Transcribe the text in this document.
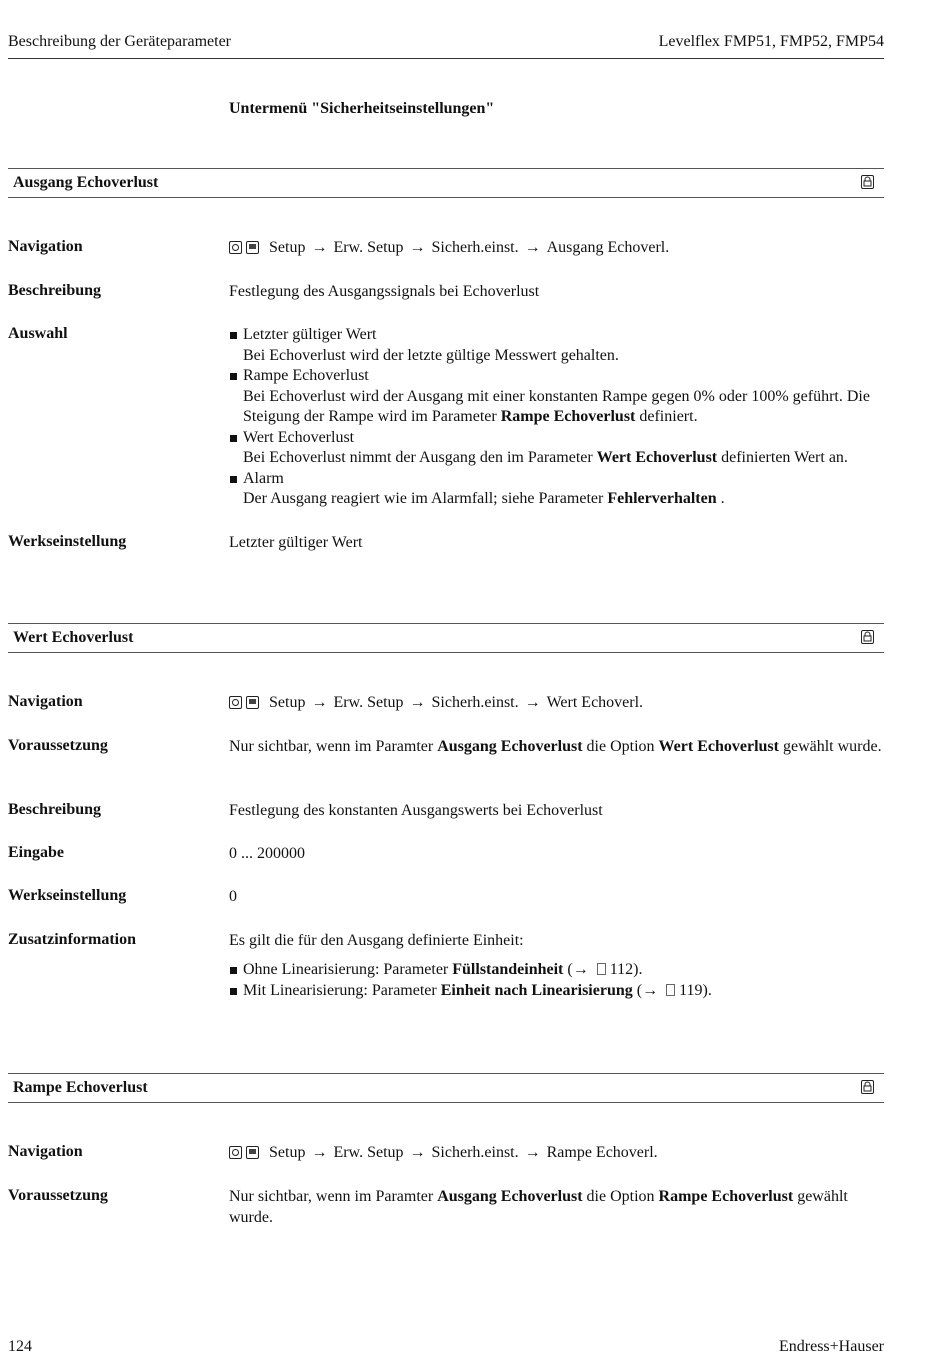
Beschreibung der Geräteparameter	Levelflex FMP51, FMP52, FMP54
Untermenü "Sicherheitseinstellungen"
Ausgang Echoverlust
Navigation	Setup → Erw. Setup → Sicherh.einst. → Ausgang Echoverl.
Beschreibung	Festlegung des Ausgangssignals bei Echoverlust
Auswahl	Letzter gültiger Wert
Bei Echoverlust wird der letzte gültige Messwert gehalten.
Rampe Echoverlust
Bei Echoverlust wird der Ausgang mit einer konstanten Rampe gegen 0% oder 100% geführt. Die Steigung der Rampe wird im Parameter Rampe Echoverlust definiert.
Wert Echoverlust
Bei Echoverlust nimmt der Ausgang den im Parameter Wert Echoverlust definierten Wert an.
Alarm
Der Ausgang reagiert wie im Alarmfall; siehe Parameter Fehlerverhalten .
Werkseinstellung	Letzter gültiger Wert
Wert Echoverlust
Navigation	Setup → Erw. Setup → Sicherh.einst. → Wert Echoverl.
Voraussetzung	Nur sichtbar, wenn im Paramter Ausgang Echoverlust die Option Wert Echoverlust gewählt wurde.
Beschreibung	Festlegung des konstanten Ausgangswerts bei Echoverlust
Eingabe	0 ... 200000
Werkseinstellung	0
Zusatzinformation	Es gilt die für den Ausgang definierte Einheit:
Ohne Linearisierung: Parameter Füllstandeinheit (→ 112).
Mit Linearisierung: Parameter Einheit nach Linearisierung (→ 119).
Rampe Echoverlust
Navigation	Setup → Erw. Setup → Sicherh.einst. → Rampe Echoverl.
Voraussetzung	Nur sichtbar, wenn im Paramter Ausgang Echoverlust die Option Rampe Echoverlust gewählt wurde.
124	Endress+Hauser
